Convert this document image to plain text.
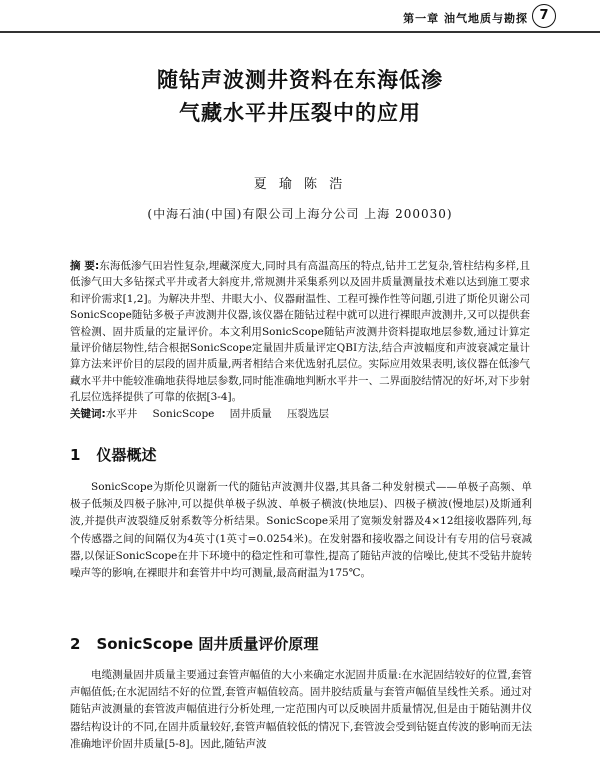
第一章 油气地质与勘探 7
随钻声波测井资料在东海低渗
气藏水平井压裂中的应用
夏 瑜 陈 浩
(中海石油(中国)有限公司上海分公司 上海 200030)
摘 要:东海低渗气田岩性复杂,埋藏深度大,同时具有高温高压的特点,钻井工艺复杂,管柱结构多样,且低渗气田大多钻探式平井或者大斜度井,常规测井采集系列以及固井质量测量技术难以达到施工要求和评价需求[1,2]。为解决井型、井眼大小、仪器耐温性、工程可操作性等问题,引进了斯伦贝谢公司SonicScope随钻多极子声波测井仪器,该仪器在随钻过程中就可以进行裸眼声波测井,又可以提供套管检测、固井质量的定量评价。本文利用SonicScope随钻声波测井资料提取地层参数,通过计算定量评价储层物性,结合根据SonicScope定量固井质量评定QBI方法,结合声波幅度和声波衰减定量计算方法来评价目的层段的固井质量,两者相结合来优选射孔层位。实际应用效果表明,该仪器在低渗气藏水平井中能较准确地获得地层参数,同时能准确地判断水平井一、二界面胶结情况的好坏,对下步射孔层位选择提供了可靠的依据[3-4]。
关键词:水平井 SonicScope 固井质量 压裂选层
1 仪器概述
SonicScope为斯伦贝谢新一代的随钻声波测井仪器,其具备二种发射模式——单极子高频、单极子低频及四极子脉冲,可以提供单极子纵波、单极子横波(快地层)、四极子横波(慢地层)及斯通利波,并提供声波裂缝反射系数等分析结果。SonicScope采用了宽频发射器及4×12组接收器阵列,每个传感器之间的间隔仅为4英寸(1英寸=0.0254米)。在发射器和接收器之间设计有专用的信号衰减器,以保证SonicScope在井下环境中的稳定性和可靠性,提高了随钻声波的信噪比,使其不受钻井旋转噪声等的影响,在裸眼井和套管井中均可测量,最高耐温为175℃。
2 SonicScope 固井质量评价原理
电缆测量固井质量主要通过套管声幅值的大小来确定水泥固井质量:在水泥固结较好的位置,套管声幅值低;在水泥固结不好的位置,套管声幅值较高。固井胶结质量与套管声幅值呈线性关系。通过对随钻声波测量的套管波声幅值进行分析处理,一定范围内可以反映固井质量情况,但是由于随钻测井仪器结构设计的不同,在固井质量较好,套管声幅值较低的情况下,套管波会受到钻铤直传波的影响而无法准确地评价固井质量[5-8]。因此,随钻声波
